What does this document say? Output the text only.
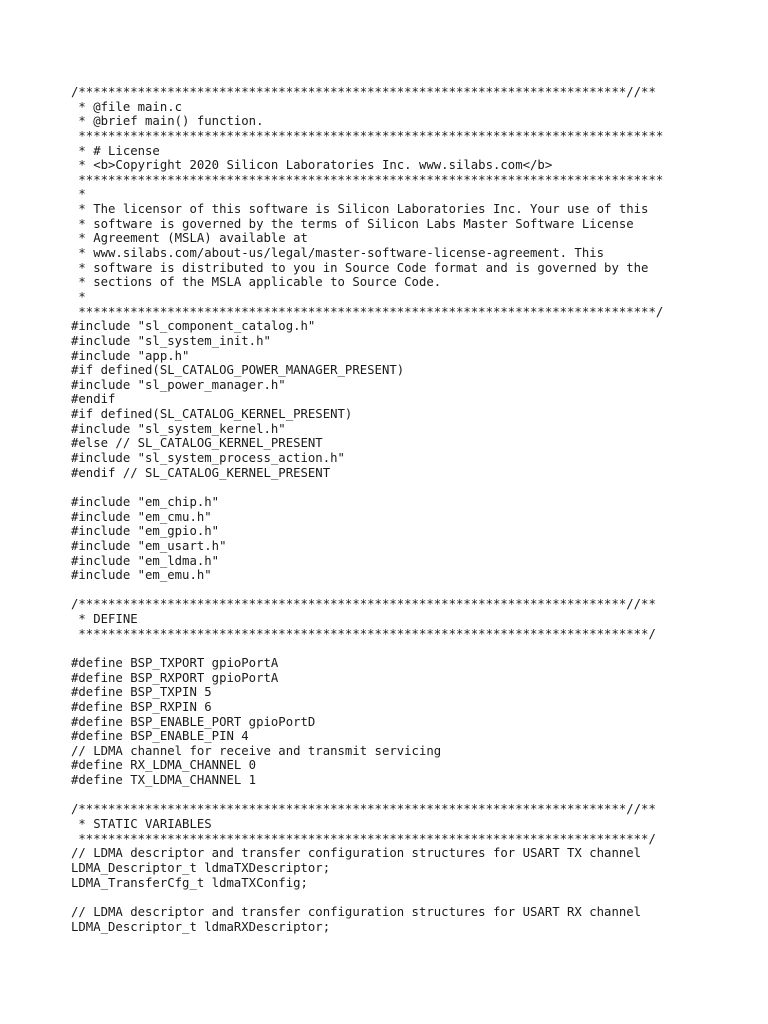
/**************************************************************************//**
* @file main.c
* @brief main() function.
*******************************************************************************
* # License
* <b>Copyright 2020 Silicon Laboratories Inc. www.silabs.com</b>
*******************************************************************************
*
* The licensor of this software is Silicon Laboratories Inc. Your use of this
* software is governed by the terms of Silicon Labs Master Software License
* Agreement (MSLA) available at
* www.silabs.com/about-us/legal/master-software-license-agreement. This
* software is distributed to you in Source Code format and is governed by the
* sections of the MSLA applicable to Source Code.
*
******************************************************************************/
#include "sl_component_catalog.h"
#include "sl_system_init.h"
#include "app.h"
#if defined(SL_CATALOG_POWER_MANAGER_PRESENT)
#include "sl_power_manager.h"
#endif
#if defined(SL_CATALOG_KERNEL_PRESENT)
#include "sl_system_kernel.h"
#else // SL_CATALOG_KERNEL_PRESENT
#include "sl_system_process_action.h"
#endif // SL_CATALOG_KERNEL_PRESENT
#include "em_chip.h"
#include "em_cmu.h"
#include "em_gpio.h"
#include "em_usart.h"
#include "em_ldma.h"
#include "em_emu.h"
/**************************************************************************//**
* DEFINE
*****************************************************************************/
#define BSP_TXPORT gpioPortA
#define BSP_RXPORT gpioPortA
#define BSP_TXPIN 5
#define BSP_RXPIN 6
#define BSP_ENABLE_PORT gpioPortD
#define BSP_ENABLE_PIN 4
// LDMA channel for receive and transmit servicing
#define RX_LDMA_CHANNEL 0
#define TX_LDMA_CHANNEL 1
/**************************************************************************//**
* STATIC VARIABLES
*****************************************************************************/
// LDMA descriptor and transfer configuration structures for USART TX channel
LDMA_Descriptor_t ldmaTXDescriptor;
LDMA_TransferCfg_t ldmaTXConfig;
// LDMA descriptor and transfer configuration structures for USART RX channel
LDMA_Descriptor_t ldmaRXDescriptor;
